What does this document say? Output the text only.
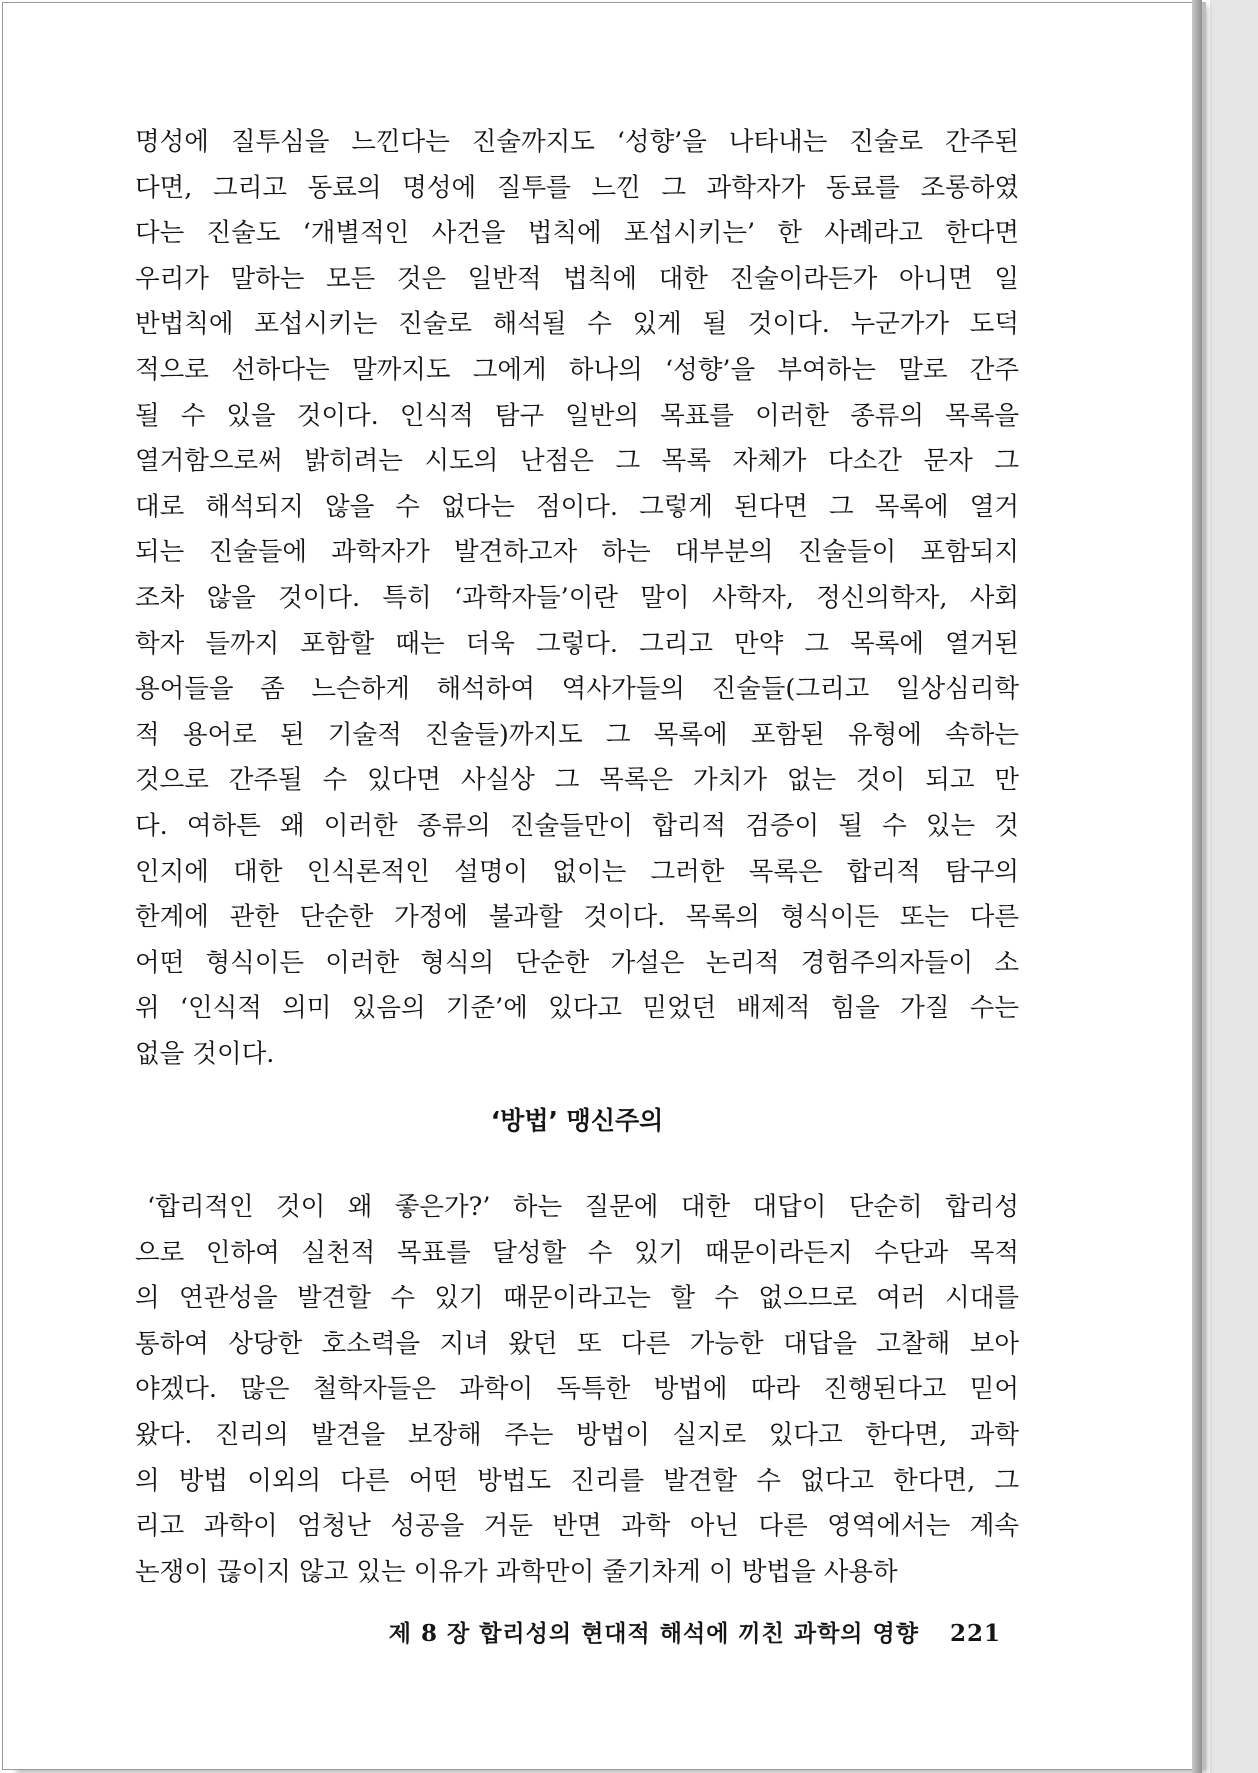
명성에 질투심을 느낀다는 진술까지도 ‘성향’을 나타내는 진술로 간주된
다면, 그리고 동료의 명성에 질투를 느낀 그 과학자가 동료를 조롱하였
다는 진술도 ‘개별적인 사건을 법칙에 포섭시키는’ 한 사례라고 한다면
우리가 말하는 모든 것은 일반적 법칙에 대한 진술이라든가 아니면 일
반법칙에 포섭시키는 진술로 해석될 수 있게 될 것이다. 누군가가 도덕
적으로 선하다는 말까지도 그에게 하나의 ‘성향’을 부여하는 말로 간주
될 수 있을 것이다. 인식적 탐구 일반의 목표를 이러한 종류의 목록을
열거함으로써 밝히려는 시도의 난점은 그 목록 자체가 다소간 문자 그
대로 해석되지 않을 수 없다는 점이다. 그렇게 된다면 그 목록에 열거
되는 진술들에 과학자가 발견하고자 하는 대부분의 진술들이 포함되지
조차 않을 것이다. 특히 ‘과학자들’이란 말이 사학자, 정신의학자, 사회
학자 들까지 포함할 때는 더욱 그렇다. 그리고 만약 그 목록에 열거된
용어들을 좀 느슨하게 해석하여 역사가들의 진술들(그리고 일상심리학
적 용어로 된 기술적 진술들)까지도 그 목록에 포함된 유형에 속하는
것으로 간주될 수 있다면 사실상 그 목록은 가치가 없는 것이 되고 만
다. 여하튼 왜 이러한 종류의 진술들만이 합리적 검증이 될 수 있는 것
인지에 대한 인식론적인 설명이 없이는 그러한 목록은 합리적 탐구의
한계에 관한 단순한 가정에 불과할 것이다. 목록의 형식이든 또는 다른
어떤 형식이든 이러한 형식의 단순한 가설은 논리적 경험주의자들이 소
위 ‘인식적 의미 있음의 기준’에 있다고 믿었던 배제적 힘을 가질 수는
없을 것이다.
‘방법’ 맹신주의
‘합리적인 것이 왜 좋은가?’ 하는 질문에 대한 대답이 단순히 합리성
으로 인하여 실천적 목표를 달성할 수 있기 때문이라든지 수단과 목적
의 연관성을 발견할 수 있기 때문이라고는 할 수 없으므로 여러 시대를
통하여 상당한 호소력을 지녀 왔던 또 다른 가능한 대답을 고찰해 보아
야겠다. 많은 철학자들은 과학이 독특한 방법에 따라 진행된다고 믿어
왔다. 진리의 발견을 보장해 주는 방법이 실지로 있다고 한다면, 과학
의 방법 이외의 다른 어떤 방법도 진리를 발견할 수 없다고 한다면, 그
리고 과학이 엄청난 성공을 거둔 반면 과학 아닌 다른 영역에서는 계속
논쟁이 끊이지 않고 있는 이유가 과학만이 줄기차게 이 방법을 사용하
제 8 장 합리성의 현대적 해석에 끼친 과학의 영향 221
